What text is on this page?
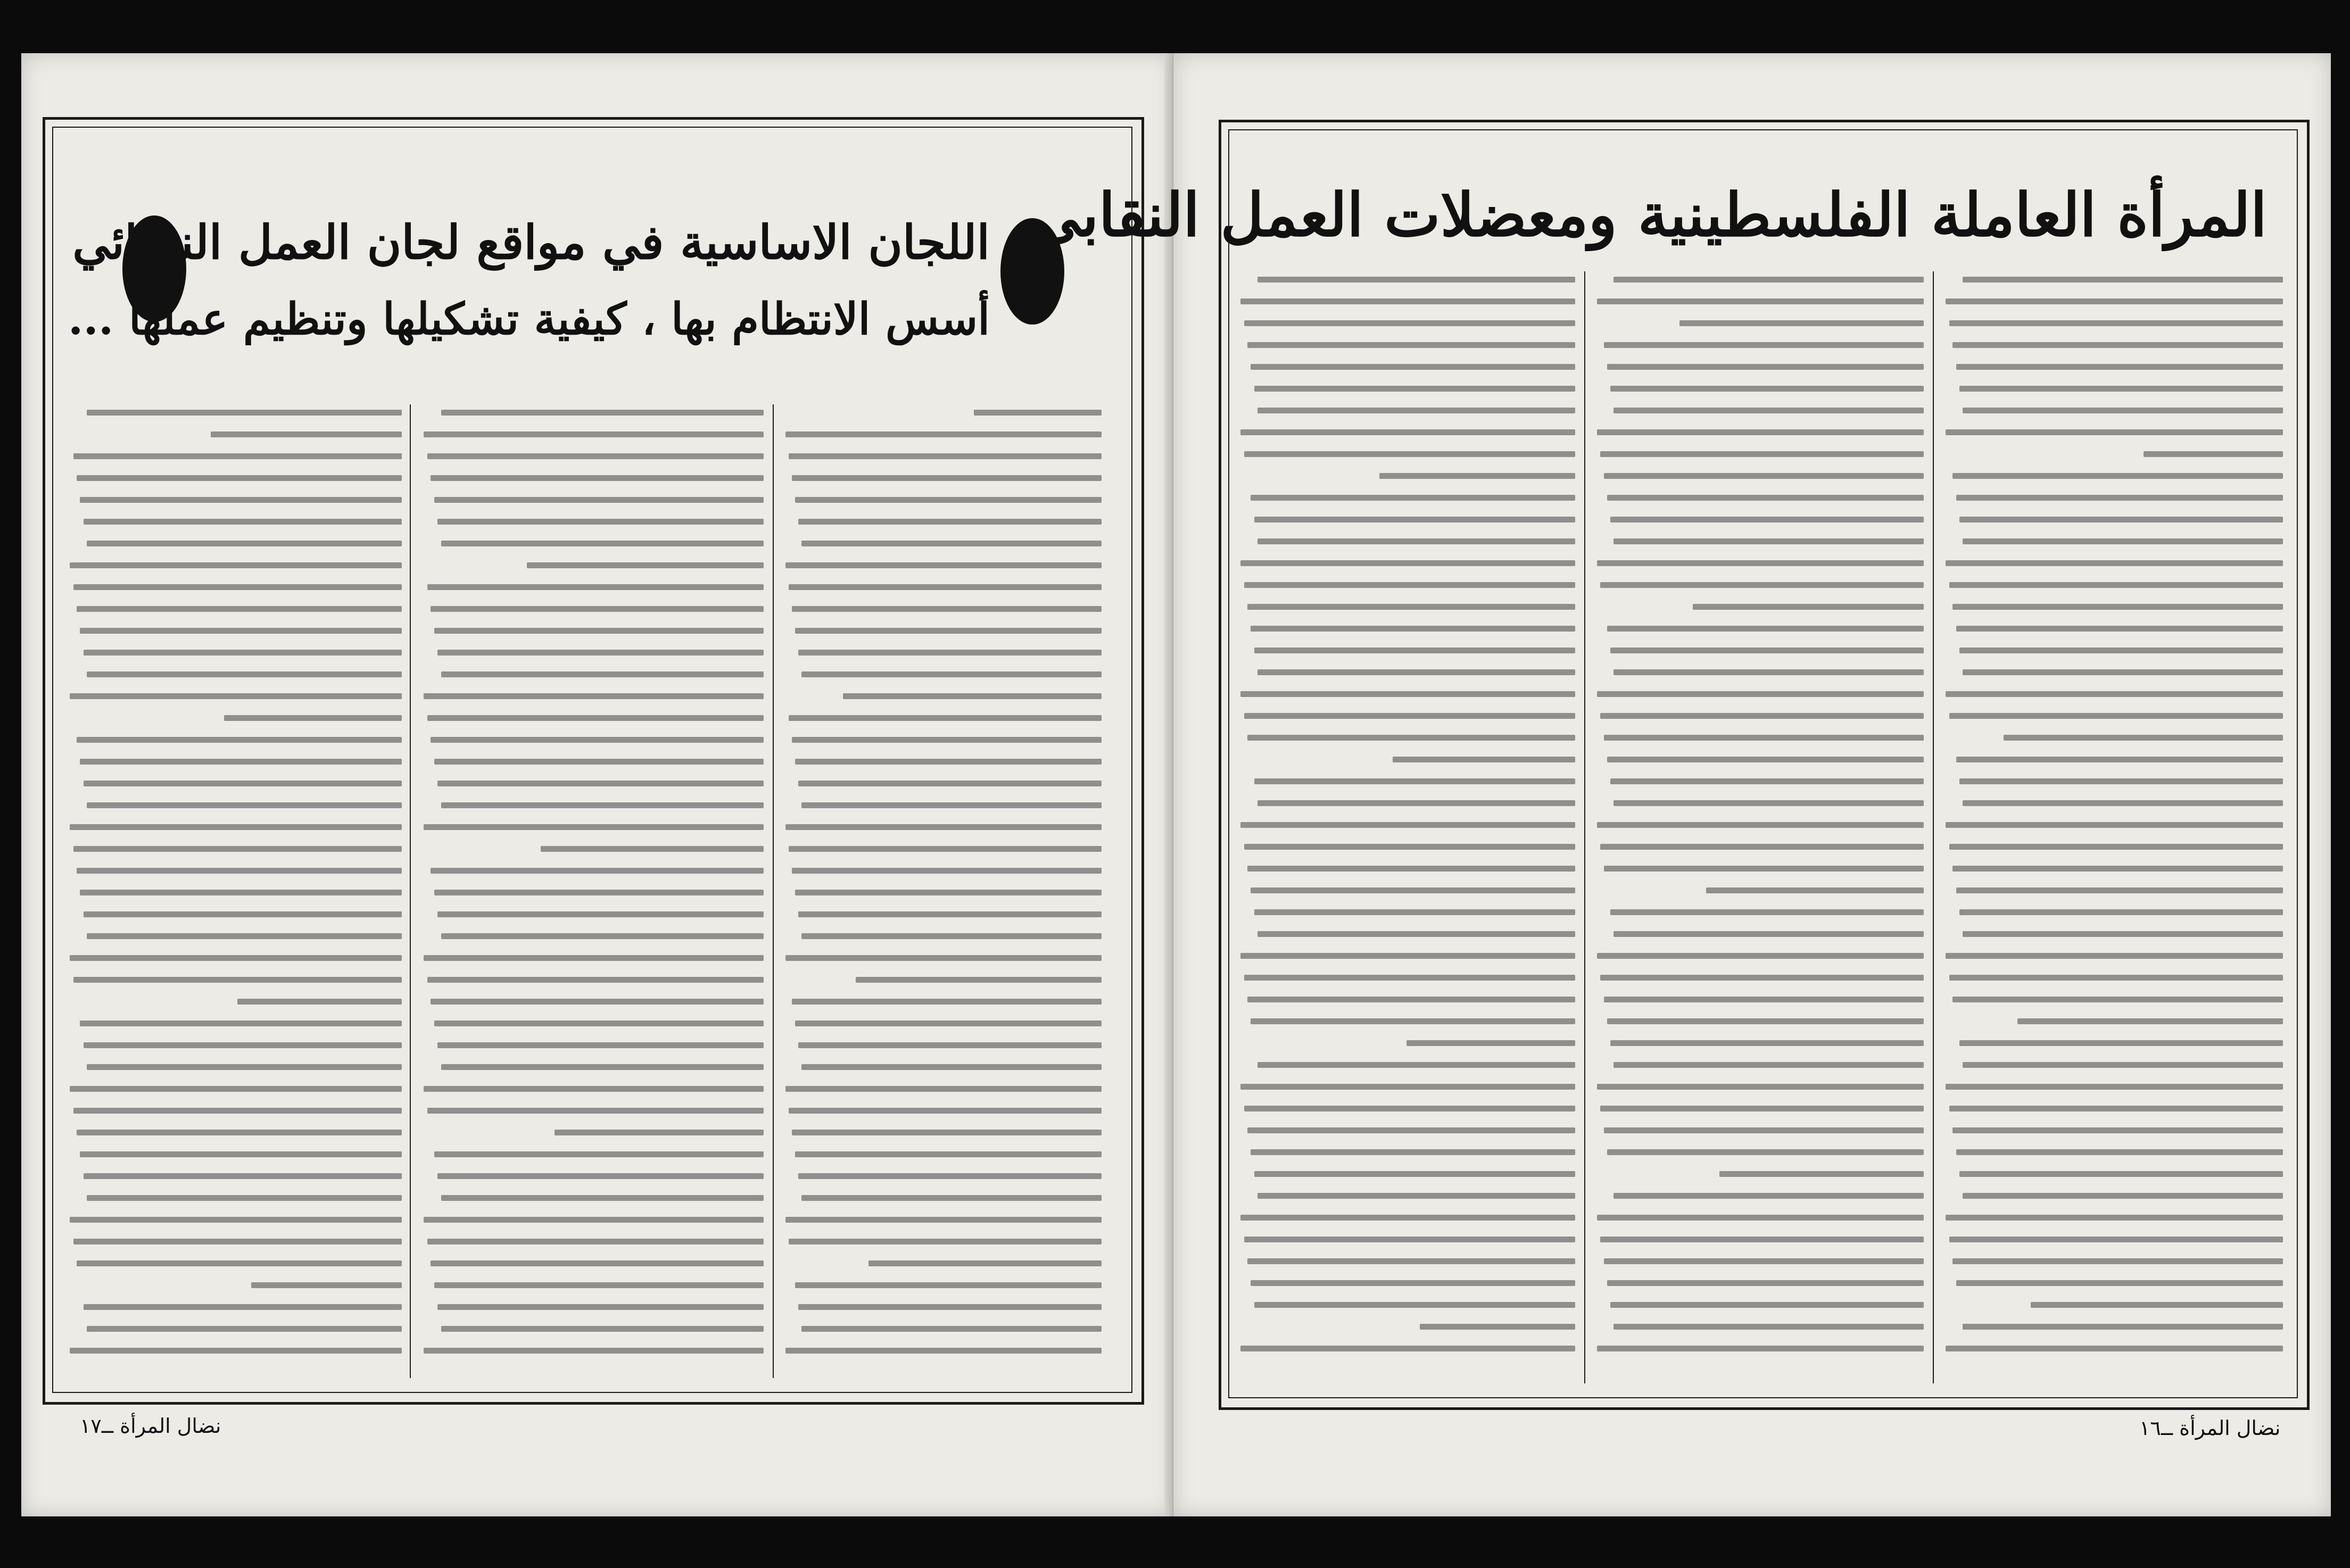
اللجان الاساسية في مواقع لجان العمل النسائي
أسس الانتظام بها ، كيفية تشكيلها وتنظيم عملها ...
نضال المرأة ــ١٧
المرأة العاملة الفلسطينية ومعضلات العمل النقابي
نضال المرأة ــ١٦
